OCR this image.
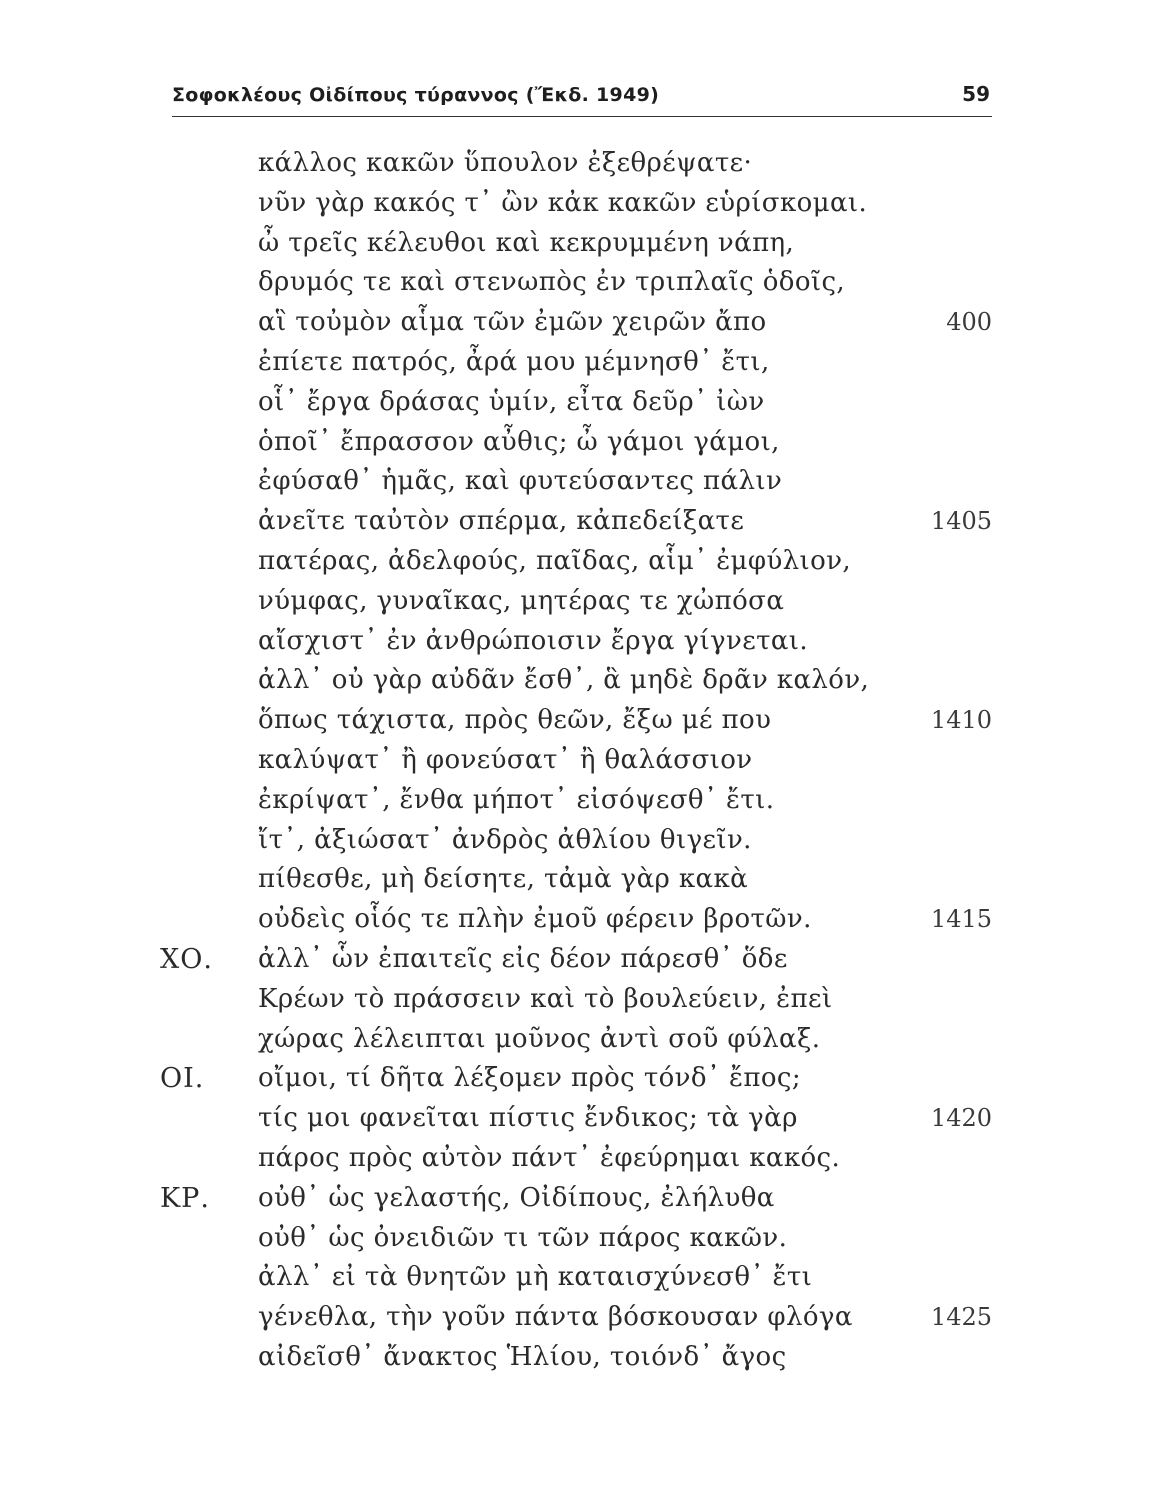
Σοφοκλέους Οἰδίπους τύραννος (Ἔκδ. 1949)	59
κάλλος κακῶν ὕπουλον ἐξεθρέψατε·
νῦν γὰρ κακός τ᾽ ὢν κἀκ κακῶν εὑρίσκομαι.
ὦ τρεῖς κέλευθοι καὶ κεκρυμμένη νάπη,
δρυμός τε καὶ στενωπὸς ἐν τριπλαῖς ὁδοῖς,
αἳ τοὐμὸν αἷμα τῶν ἐμῶν χειρῶν ἄπο	400
ἐπίετε πατρός, ἆρά μου μέμνησθ᾽ ἔτι,
οἷ᾽ ἔργα δράσας ὑμίν, εἶτα δεῦρ᾽ ἰὼν
ὁποῖ᾽ ἔπρασσον αὖθις; ὦ γάμοι γάμοι,
ἐφύσαθ᾽ ἡμᾶς, καὶ φυτεύσαντες πάλιν
ἀνεῖτε ταὐτὸν σπέρμα, κἀπεδείξατε	1405
πατέρας, ἀδελφούς, παῖδας, αἷμ᾽ ἐμφύλιον,
νύμφας, γυναῖκας, μητέρας τε χὠπόσα
αἴσχιστ᾽ ἐν ἀνθρώποισιν ἔργα γίγνεται.
ἀλλ᾽ οὐ γὰρ αὐδᾶν ἔσθ᾽, ἃ μηδὲ δρᾶν καλόν,
ὅπως τάχιστα, πρὸς θεῶν, ἔξω μέ που	1410
καλύψατ᾽ ἢ φονεύσατ᾽ ἢ θαλάσσιον
ἐκρίψατ᾽, ἔνθα μήποτ᾽ εἰσόψεσθ᾽ ἔτι.
ἴτ᾽, ἀξιώσατ᾽ ἀνδρὸς ἀθλίου θιγεῖν.
πίθεσθε, μὴ δείσητε, τἀμὰ γὰρ κακὰ
οὐδεὶς οἷός τε πλὴν ἐμοῦ φέρειν βροτῶν.	1415
ΧΟ. ἀλλ᾽ ὧν ἐπαιτεῖς εἰς δέον πάρεσθ᾽ ὅδε
Κρέων τὸ πράσσειν καὶ τὸ βουλεύειν, ἐπεὶ
χώρας λέλειπται μοῦνος ἀντὶ σοῦ φύλαξ.
ΟΙ. οἴμοι, τί δῆτα λέξομεν πρὸς τόνδ᾽ ἔπος;
τίς μοι φανεῖται πίστις ἔνδικος; τὰ γὰρ	1420
πάρος πρὸς αὐτὸν πάντ᾽ ἐφεύρημαι κακός.
ΚΡ. οὐθ᾽ ὡς γελαστής, Οἰδίπους, ἐλήλυθα
οὐθ᾽ ὡς ὀνειδιῶν τι τῶν πάρος κακῶν.
ἀλλ᾽ εἰ τὰ θνητῶν μὴ καταισχύνεσθ᾽ ἔτι
γένεθλα, τὴν γοῦν πάντα βόσκουσαν φλόγα	1425
αἰδεῖσθ᾽ ἄνακτος Ἡλίου, τοιόνδ᾽ ἄγος
